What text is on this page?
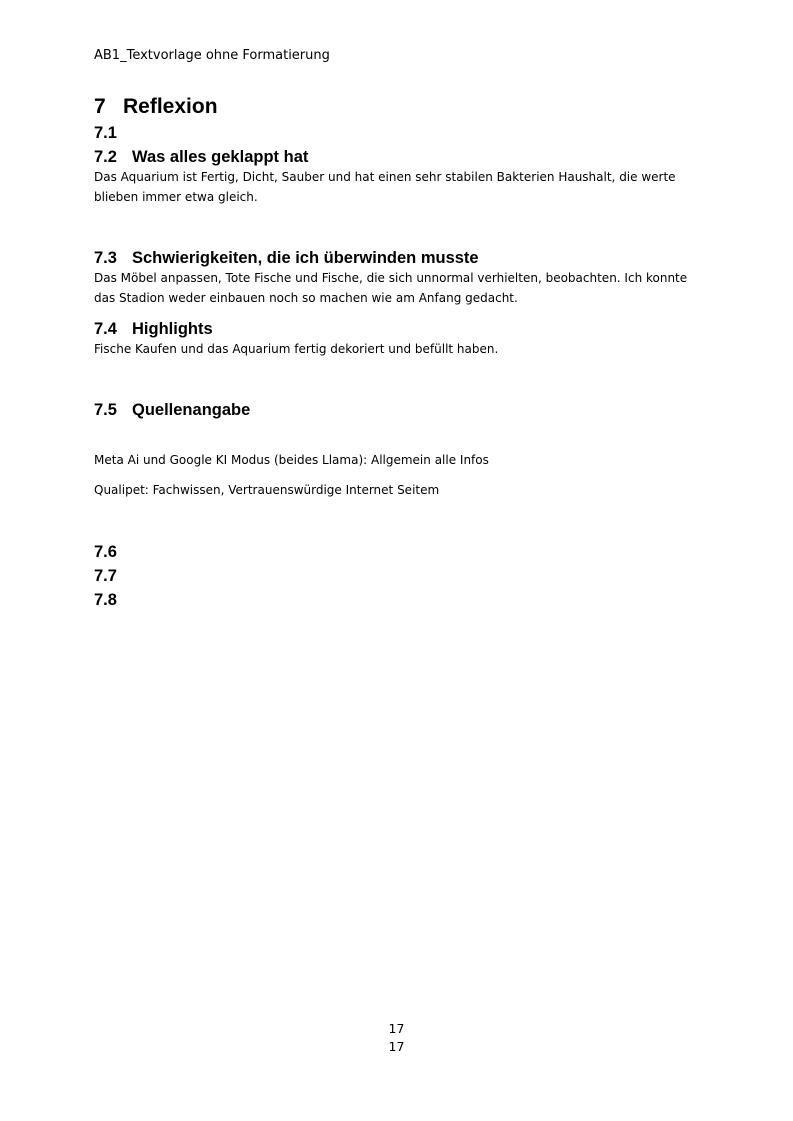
AB1_Textvorlage ohne Formatierung
7 Reflexion
7.1
7.2 Was alles geklappt hat
Das Aquarium ist Fertig, Dicht, Sauber und hat einen sehr stabilen Bakterien Haushalt, die werte blieben immer etwa gleich.
7.3 Schwierigkeiten, die ich überwinden musste
Das Möbel anpassen, Tote Fische und Fische, die sich unnormal verhielten, beobachten. Ich konnte das Stadion weder einbauen noch so machen wie am Anfang gedacht.
7.4 Highlights
Fische Kaufen und das Aquarium fertig dekoriert und befüllt haben.
7.5 Quellenangabe
Meta Ai und Google KI Modus (beides Llama): Allgemein alle Infos
Qualipet: Fachwissen, Vertrauenswürdige Internet Seitem
7.6
7.7
7.8
17
17
